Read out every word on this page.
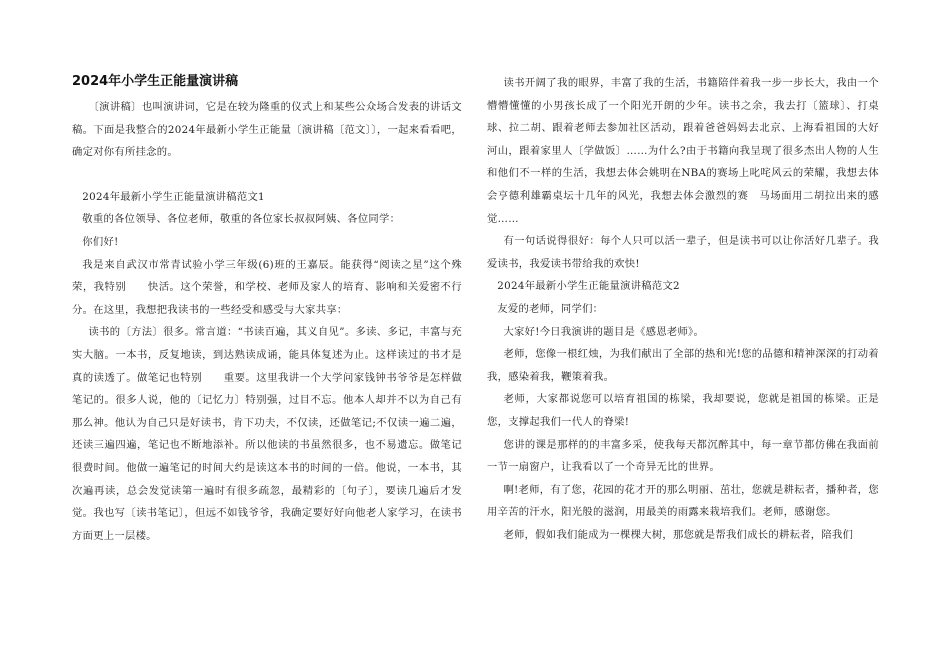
2024年小学生正能量演讲稿

〔演讲稿〕也叫演讲词，它是在较为隆重的仪式上和某些公众场合发表的讲话文稿。下面是我整合的2024年最新小学生正能量〔演讲稿〔范文〕〕，一起来看看吧，确定对你有所挂念的。

2024年最新小学生正能量演讲稿范文1

敬重的各位领导、各位老师，敬重的各位家长叔叔阿姨、各位同学：

你们好!

我是来自武汉市常青试验小学三年级(6)班的王嘉辰。能获得“阅读之星”这个殊荣，我特别　　快活。这个荣誉，和学校、老师及家人的培育、影响和关爱密不行分。在这里，我想把我读书的一些经受和感受与大家共享：

读书的〔方法〕很多。常言道：“书读百遍，其义自见”。多读、多记，丰富与充实大脑。一本书，反复地读，到达熟读成诵，能具体复述为止。这样读过的书才是真的读透了。做笔记也特别　　重要。这里我讲一个大学问家钱钟书爷爷是怎样做笔记的。很多人说，他的〔记忆力〕特别强，过目不忘。他本人却并不以为自己有那么神。他认为自己只是好读书，肯下功夫，不仅读，还做笔记;不仅读一遍二遍，还读三遍四遍，笔记也不断地添补。所以他读的书虽然很多，也不易遗忘。做笔记很费时间。他做一遍笔记的时间大约是读这本书的时间的一倍。他说，一本书，其次遍再读，总会发觉读第一遍时有很多疏忽，最精彩的〔句子〕，要读几遍后才发觉。我也写〔读书笔记〕，但远不如钱爷爷，我确定要好好向他老人家学习，在读书方面更上一层楼。

读书开阔了我的眼界，丰富了我的生活，书籍陪伴着我一步一步长大，我由一个懵懵懂懂的小男孩长成了一个阳光开朗的少年。读书之余，我去打〔篮球〕、打桌球、拉二胡、跟着老师去参加社区活动，跟着爸爸妈妈去北京、上海看祖国的大好河山，跟着家里人〔学做饭〕……为什么?由于书籍向我呈现了很多杰出人物的人生和他们不一样的生活，我想去体会姚明在NBA的赛场上叱咤风云的荣耀，我想去体会亨德利雄霸桌坛十几年的风光，我想去体会激烈的赛　马场面用二胡拉出来的感觉……

有一句话说得很好：每个人只可以活一辈子，但是读书可以让你活好几辈子。我爱读书，我爱读书带给我的欢快!

2024年最新小学生正能量演讲稿范文2

友爱的老师，同学们：

大家好!今日我演讲的题目是《感恩老师》。

老师，您像一根红烛，为我们献出了全部的热和光!您的品德和精神深深的打动着我，感染着我，鞭策着我。

老师，大家都说您可以培育祖国的栋梁，我却要说，您就是祖国的栋梁。正是您，支撑起我们一代人的脊梁!

您讲的课是那样的的丰富多采，使我每天都沉醉其中，每一章节都仿佛在我面前一节一扇窗户，让我看以了一个奇异无比的世界。

啊!老师，有了您，花园的花才开的那么明丽、茁壮，您就是耕耘者，播种者，您用辛苦的汗水，阳光般的滋润，用最美的雨露来栽培我们。老师，感谢您。

老师，假如我们能成为一棵棵大树，那您就是帮我们成长的耕耘者，陪我们
